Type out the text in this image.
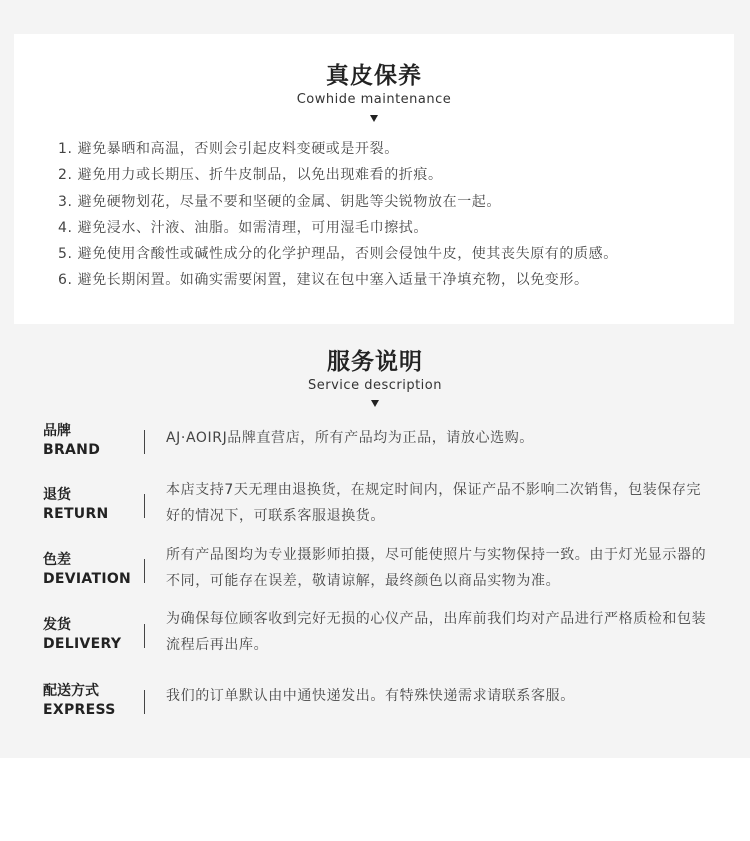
真皮保养
Cowhide maintenance
1. 避免暴晒和高温，否则会引起皮料变硬或是开裂。
2. 避免用力或长期压、折牛皮制品，以免出现难看的折痕。
3. 避免硬物划花，尽量不要和坚硬的金属、钥匙等尖锐物放在一起。
4. 避免浸水、汁液、油脂。如需清理，可用湿毛巾擦拭。
5. 避免使用含酸性或碱性成分的化学护理品，否则会侵蚀牛皮，使其丧失原有的质感。
6. 避免长期闲置。如确实需要闲置，建议在包中塞入适量干净填充物，以免变形。
服务说明
Service description
品牌
BRAND
AJ·AOIRJ品牌直营店，所有产品均为正品，请放心选购。
退货
RETURN
本店支持7天无理由退换货，在规定时间内，保证产品不影响二次销售，包装保存完好的情况下，可联系客服退换货。
色差
DEVIATION
所有产品图均为专业摄影师拍摄，尽可能使照片与实物保持一致。由于灯光显示器的不同，可能存在误差，敬请谅解，最终颜色以商品实物为准。
发货
DELIVERY
为确保每位顾客收到完好无损的心仪产品，出库前我们均对产品进行严格质检和包装流程后再出库。
配送方式
EXPRESS
我们的订单默认由中通快递发出。有特殊快递需求请联系客服。
